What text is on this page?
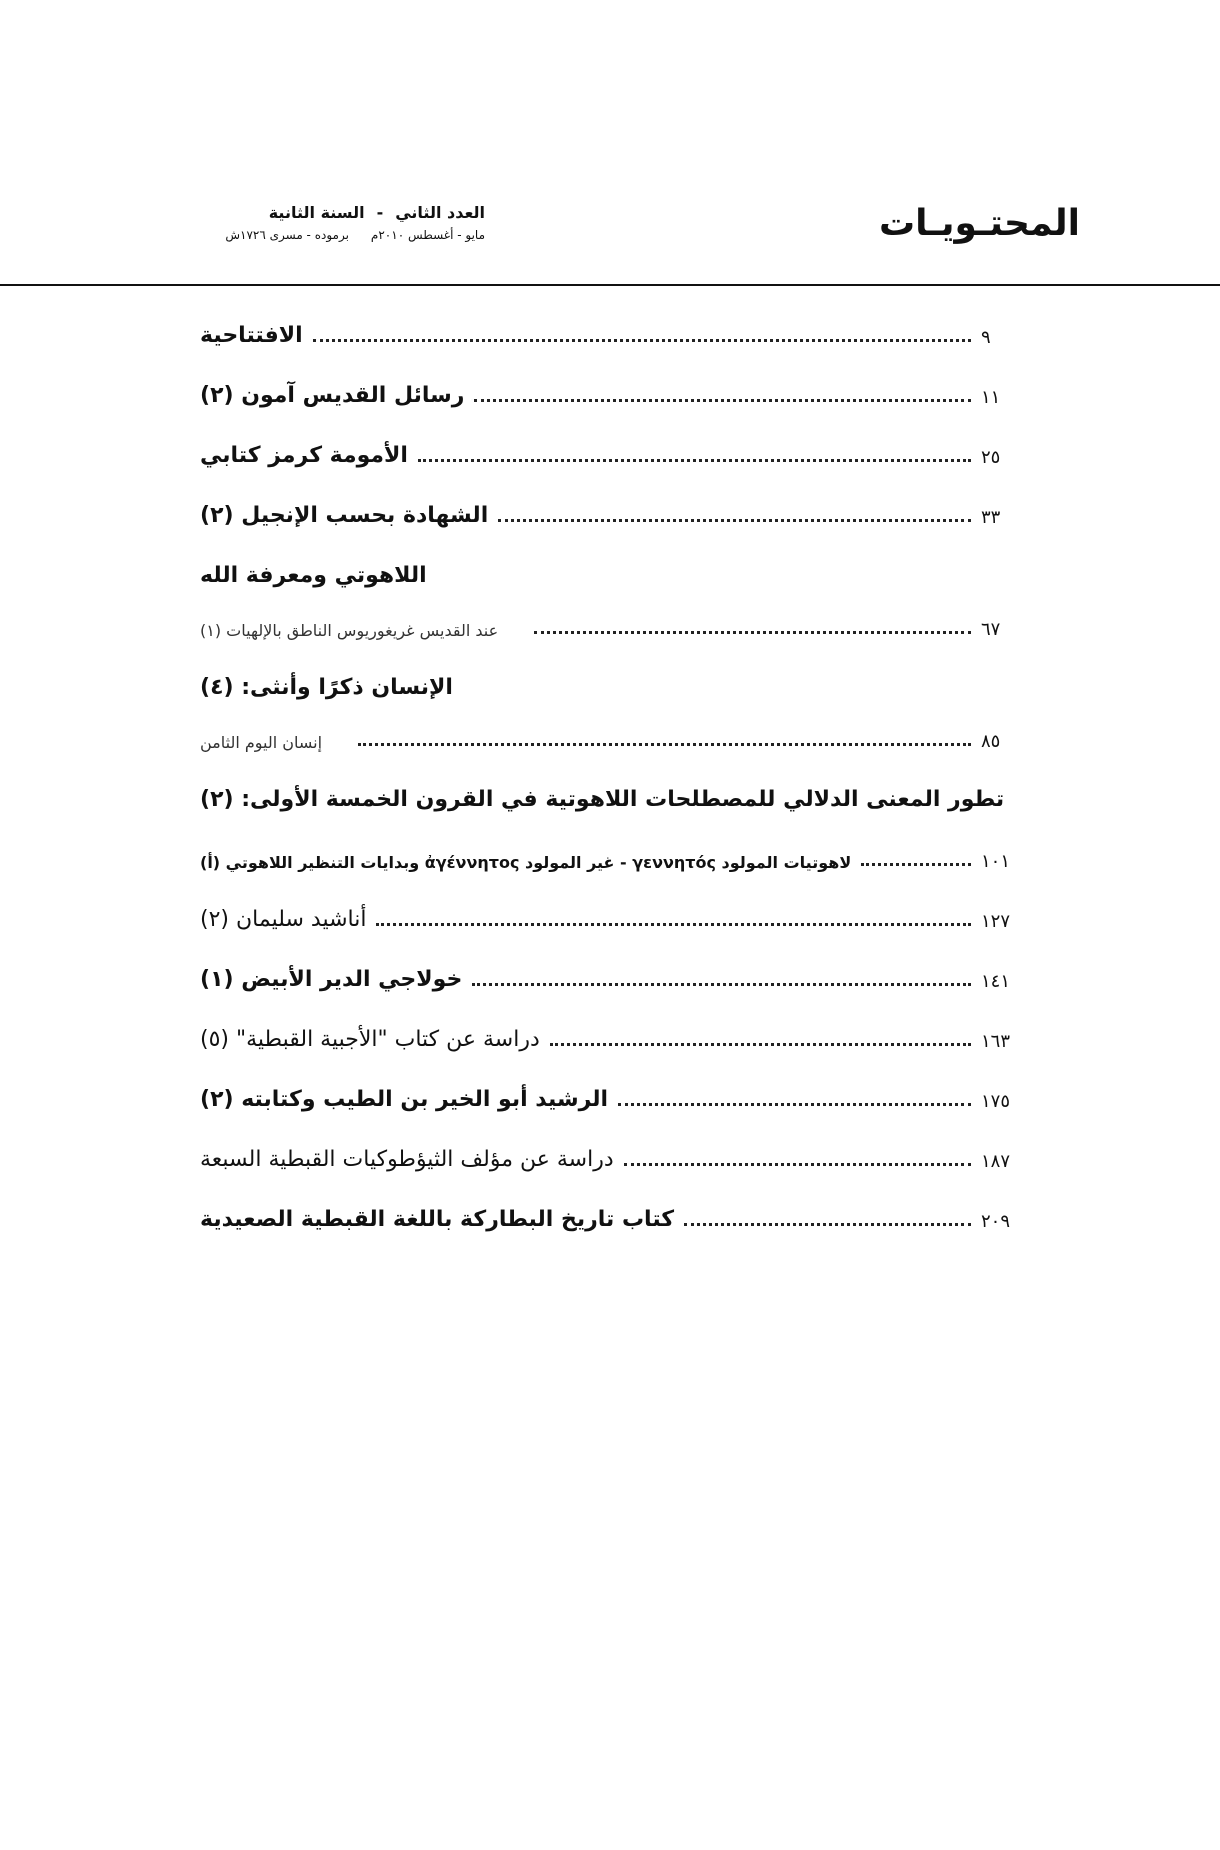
المحتـويـات
العدد الثاني-السنة الثانية
مايو - أغسطس ٢٠١٠مبرموده - مسرى ١٧٢٦ش
الافتتاحية	٩
رسائل القديس آمون (٢)	١١
الأمومة كرمز كتابي	٢٥
الشهادة بحسب الإنجيل (٢)	٣٣
اللاهوتي ومعرفة الله
عند القديس غريغوريوس الناطق بالإلهيات (١)	٦٧
الإنسان ذكرًا وأنثى: (٤)
إنسان اليوم الثامن	٨٥
تطور المعنى الدلالي للمصطلحات اللاهوتية في القرون الخمسة الأولى: (٢)
لاهوتيات المولود γεννητός - غير المولود ἀγέννητος وبدايات التنظير اللاهوتي (أ)	١٠١
أناشيد سليمان (٢)	١٢٧
خولاجي الدير الأبيض (١)	١٤١
دراسة عن كتاب "الأجبية القبطية" (٥)	١٦٣
الرشيد أبو الخير بن الطيب وكتابته (٢)	١٧٥
دراسة عن مؤلف الثيؤطوكيات القبطية السبعة	١٨٧
كتاب تاريخ البطاركة باللغة القبطية الصعيدية	٢٠٩
